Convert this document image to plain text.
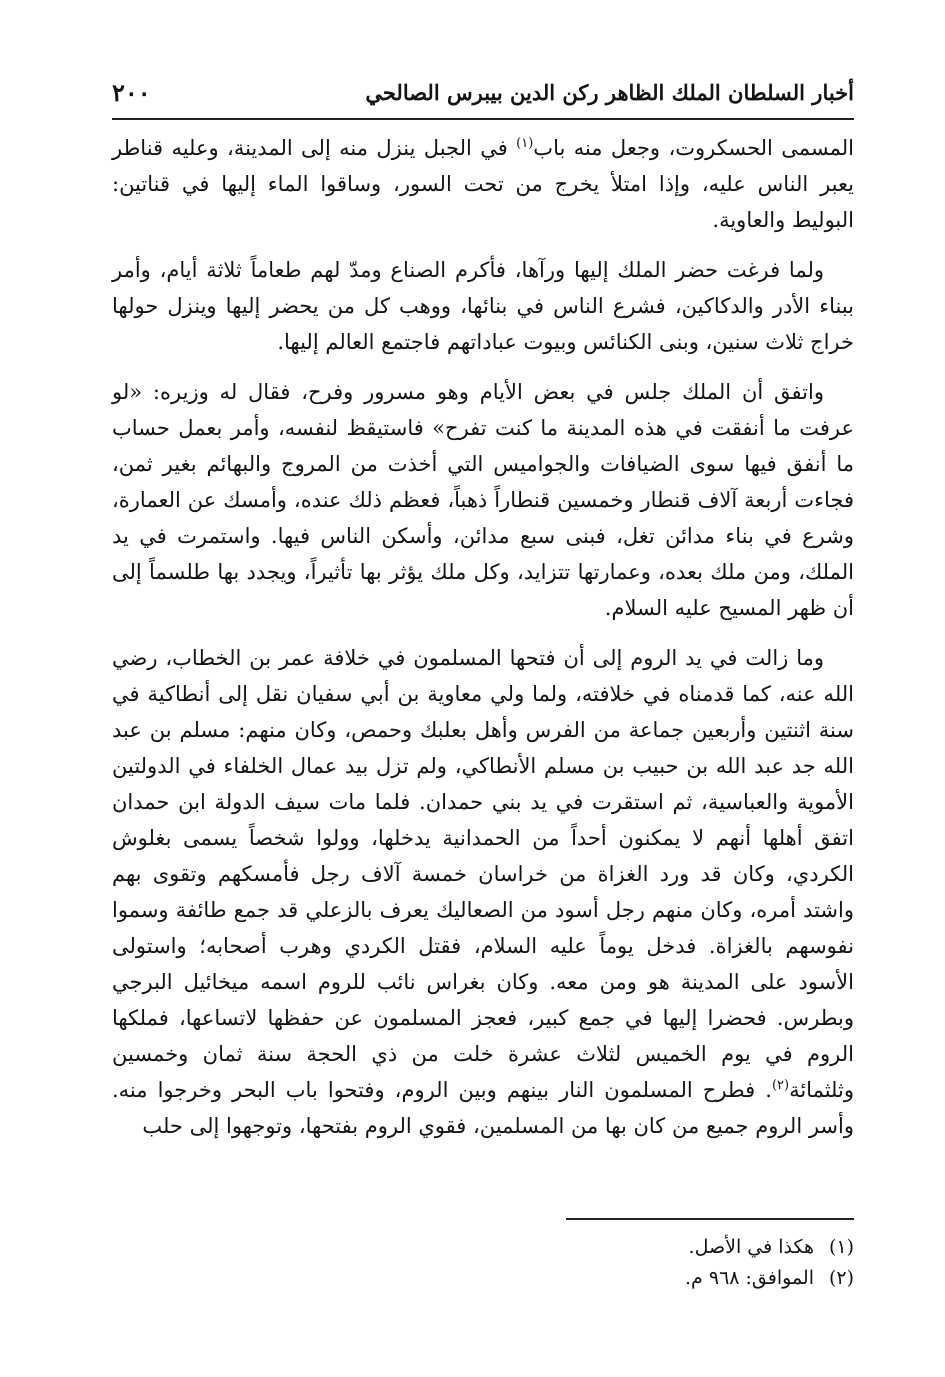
أخبار السلطان الملك الظاهر ركن الدين بيبرس الصالحي
٢٠٠

المسمى الحسكروت، وجعل منه باب$^{(١)}$ في الجبل ينزل منه إلى المدينة، وعليه قناطر يعبر الناس عليه، وإذا امتلأ يخرج من تحت السور، وساقوا الماء إليها في قناتين: البوليط والعاوية.

ولما فرغت حضر الملك إليها ورآها، فأكرم الصناع ومدّ لهم طعاماً ثلاثة أيام، وأمر ببناء الأدر والدكاكين، فشرع الناس في بنائها، ووهب كل من يحضر إليها وينزل حولها خراج ثلاث سنين، وبنى الكنائس وبيوت عباداتهم فاجتمع العالم إليها.

واتفق أن الملك جلس في بعض الأيام وهو مسرور وفرح، فقال له وزيره: «لو عرفت ما أنفقت في هذه المدينة ما كنت تفرح» فاستيقظ لنفسه، وأمر بعمل حساب ما أنفق فيها سوى الضيافات والجواميس التي أخذت من المروج والبهائم بغير ثمن، فجاءت أربعة آلاف قنطار وخمسين قنطاراً ذهباً، فعظم ذلك عنده، وأمسك عن العمارة، وشرع في بناء مدائن تغل، فبنى سبع مدائن، وأسكن الناس فيها. واستمرت في يد الملك، ومن ملك بعده، وعمارتها تتزايد، وكل ملك يؤثر بها تأثيراً، ويجدد بها طلسماً إلى أن ظهر المسيح عليه السلام.

وما زالت في يد الروم إلى أن فتحها المسلمون في خلافة عمر بن الخطاب، رضي الله عنه، كما قدمناه في خلافته، ولما ولي معاوية بن أبي سفيان نقل إلى أنطاكية في سنة اثنتين وأربعين جماعة من الفرس وأهل بعلبك وحمص، وكان منهم: مسلم بن عبد الله جد عبد الله بن حبيب بن مسلم الأنطاكي، ولم تزل بيد عمال الخلفاء في الدولتين الأموية والعباسية، ثم استقرت في يد بني حمدان. فلما مات سيف الدولة ابن حمدان اتفق أهلها أنهم لا يمكنون أحداً من الحمدانية يدخلها، وولوا شخصاً يسمى بغلوش الكردي، وكان قد ورد الغزاة من خراسان خمسة آلاف رجل فأمسكهم وتقوى بهم واشتد أمره، وكان منهم رجل أسود من الصعاليك يعرف بالزعلي قد جمع طائفة وسموا نفوسهم بالغزاة. فدخل يوماً عليه السلام، فقتل الكردي وهرب أصحابه؛ واستولى الأسود على المدينة هو ومن معه. وكان بغراس نائب للروم اسمه ميخائيل البرجي وبطرس. فحضرا إليها في جمع كبير، فعجز المسلمون عن حفظها لاتساعها، فملكها الروم في يوم الخميس لثلاث عشرة خلت من ذي الحجة سنة ثمان وخمسين وثلثمائة$^{(٢)}$. فطرح المسلمون النار بينهم وبين الروم، وفتحوا باب البحر وخرجوا منه. وأسر الروم جميع من كان بها من المسلمين، فقوي الروم بفتحها، وتوجهوا إلى حلب

(١)
هكذا في الأصل.
(٢)
الموافق: ٩٦٨ م.
